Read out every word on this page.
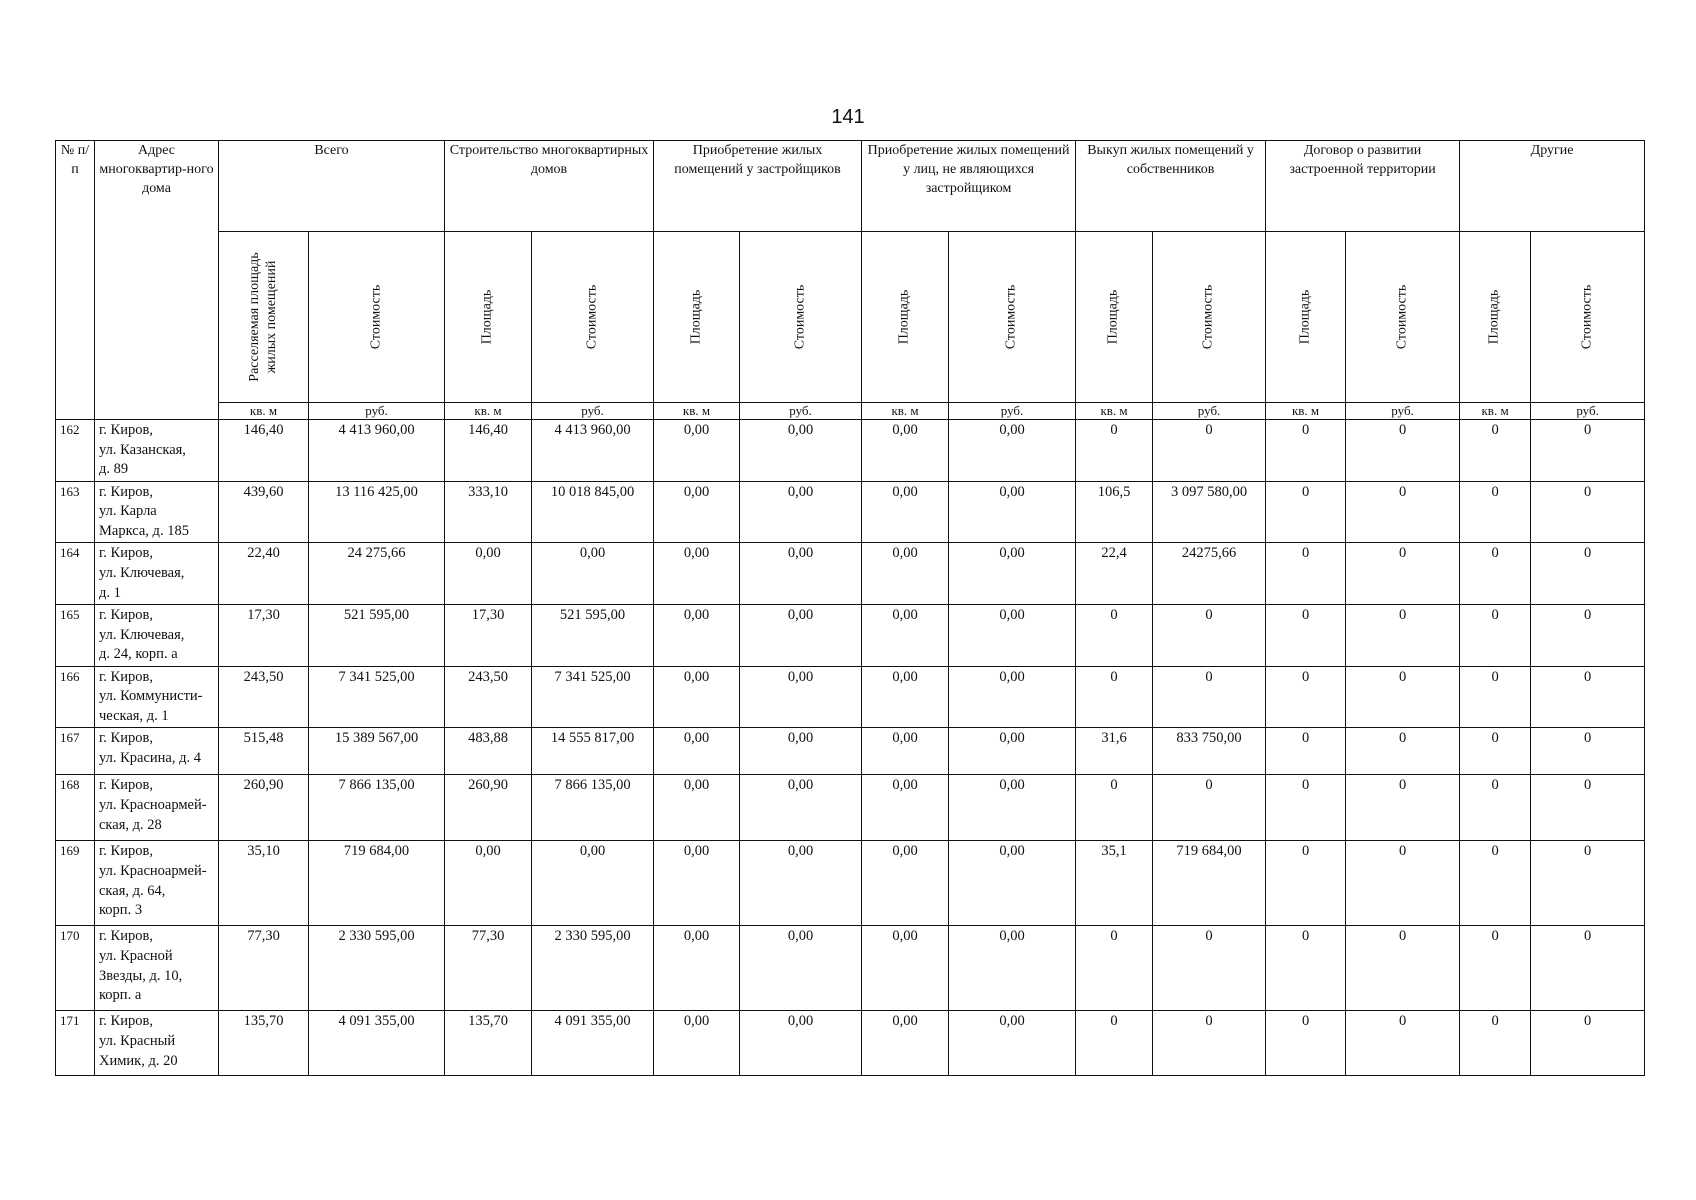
141
№ п/п	Адрес многоквартир-ного дома	Всего		Строительство многоквартирных домов		Приобретение жилых помещений у застройщиков		Приобретение жилых помещений у лиц, не являющихся застройщиком		Выкуп жилых помещений у собственников		Договор о развитии застроенной территории		Другие	

		Расселяемая площадь жилых помещений	Стоимость	Площадь	Стоимость	Площадь	Стоимость	Площадь	Стоимость	Площадь	Стоимость	Площадь	Стоимость	Площадь	Стоимость

		кв. м	руб.	кв. м	руб.	кв. м	руб.	кв. м	руб.	кв. м	руб.	кв. м	руб.	кв. м	руб.
162	г. Киров,
ул. Казанская,
д. 89	146,40	4 413 960,00	146,40	4 413 960,00	0,00	0,00	0,00	0,00	0	0	0	0	0	0
163	г. Киров,
ул. Карла
Маркса, д. 185	439,60	13 116 425,00	333,10	10 018 845,00	0,00	0,00	0,00	0,00	106,5	3 097 580,00	0	0	0	0
164	г. Киров,
ул. Ключевая,
д. 1	22,40	24 275,66	0,00	0,00	0,00	0,00	0,00	0,00	22,4	24275,66	0	0	0	0
165	г. Киров,
ул. Ключевая,
д. 24, корп. а	17,30	521 595,00	17,30	521 595,00	0,00	0,00	0,00	0,00	0	0	0	0	0	0
166	г. Киров,
ул. Коммунисти-
ческая, д. 1	243,50	7 341 525,00	243,50	7 341 525,00	0,00	0,00	0,00	0,00	0	0	0	0	0	0
167	г. Киров,
ул. Красина, д. 4	515,48	15 389 567,00	483,88	14 555 817,00	0,00	0,00	0,00	0,00	31,6	833 750,00	0	0	0	0
168	г. Киров,
ул. Красноармей-
ская, д. 28	260,90	7 866 135,00	260,90	7 866 135,00	0,00	0,00	0,00	0,00	0	0	0	0	0	0
169	г. Киров,
ул. Красноармей-
ская, д. 64,
корп. 3	35,10	719 684,00	0,00	0,00	0,00	0,00	0,00	0,00	35,1	719 684,00	0	0	0	0
170	г. Киров,
ул. Красной
Звезды, д. 10,
корп. а	77,30	2 330 595,00	77,30	2 330 595,00	0,00	0,00	0,00	0,00	0	0	0	0	0	0
171	г. Киров,
ул. Красный
Химик, д. 20	135,70	4 091 355,00	135,70	4 091 355,00	0,00	0,00	0,00	0,00	0	0	0	0	0	0
